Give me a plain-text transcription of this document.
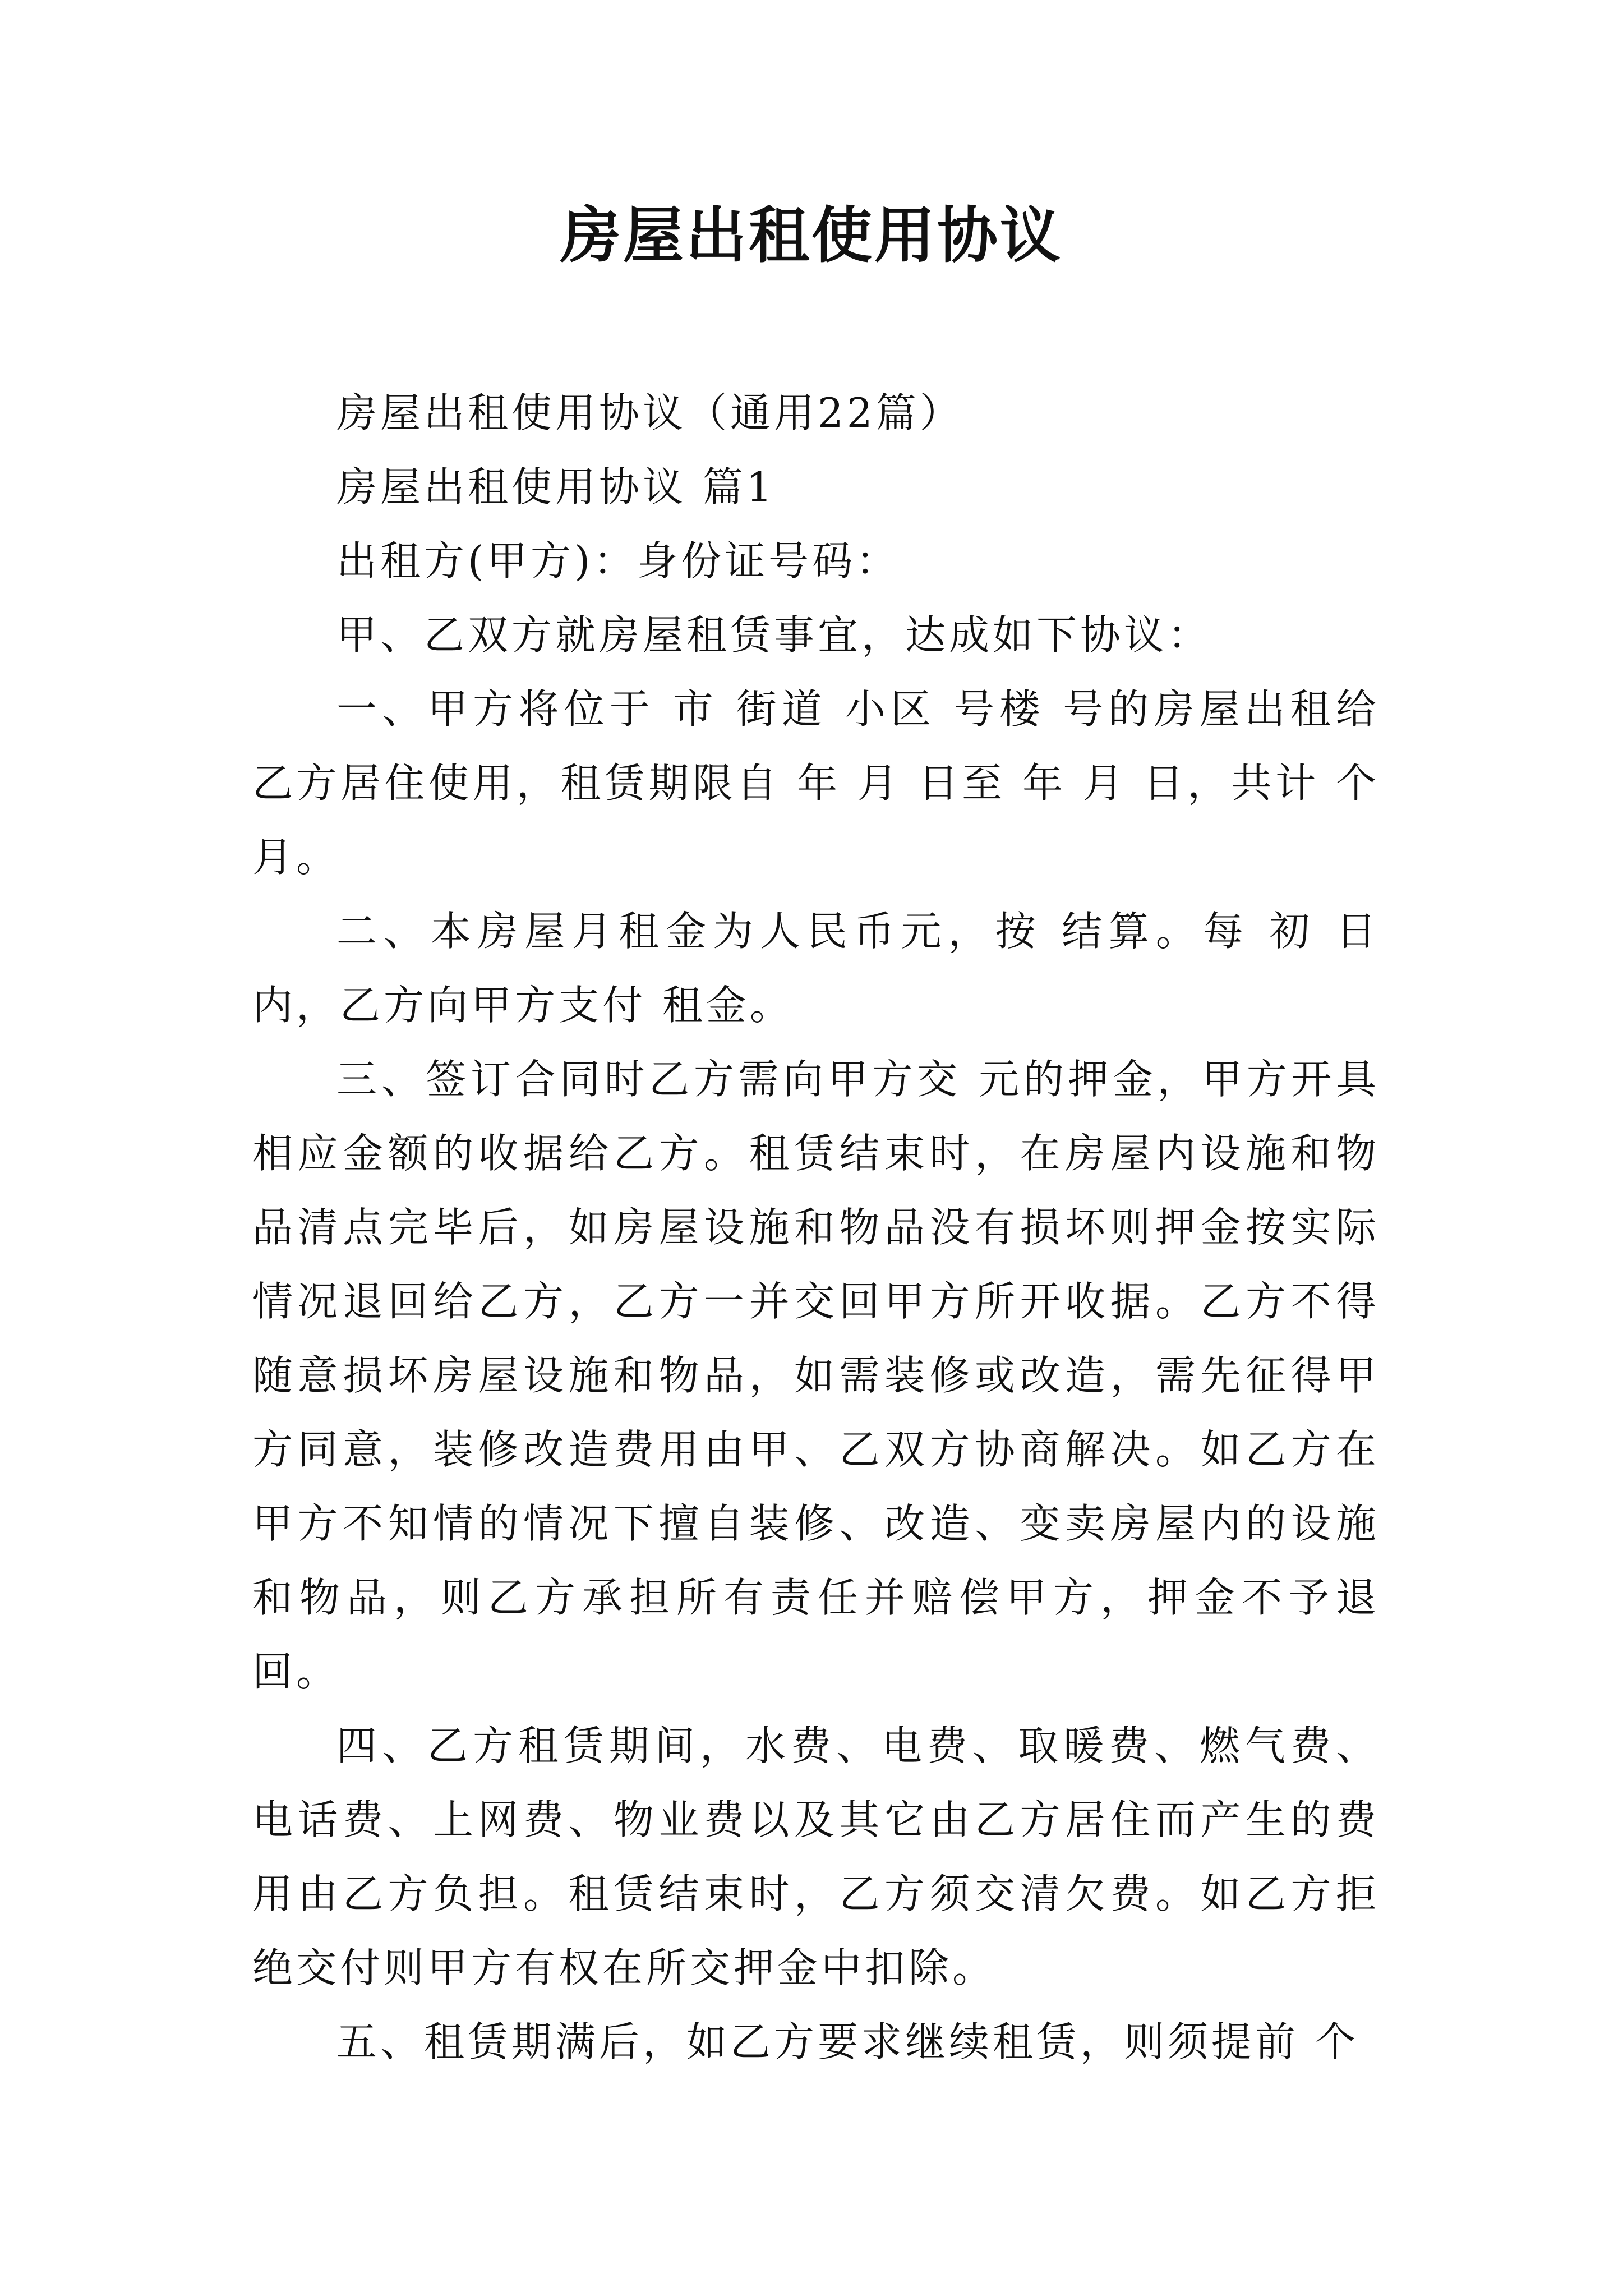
房屋出租使用协议

房屋出租使用协议（通用22篇）

房屋出租使用协议 篇1

出租方(甲方)：身份证号码：

甲、乙双方就房屋租赁事宜，达成如下协议：

一、甲方将位于 市 街道 小区 号楼 号的房屋出租给乙方居住使用，租赁期限自 年 月 日至 年 月 日，共计 个月。

二、本房屋月租金为人民币元，按 结算。每 初 日内，乙方向甲方支付 租金。

三、签订合同时乙方需向甲方交 元的押金，甲方开具相应金额的收据给乙方。租赁结束时，在房屋内设施和物品清点完毕后，如房屋设施和物品没有损坏则押金按实际情况退回给乙方，乙方一并交回甲方所开收据。乙方不得随意损坏房屋设施和物品，如需装修或改造，需先征得甲方同意，装修改造费用由甲、乙双方协商解决。如乙方在甲方不知情的情况下擅自装修、改造、变卖房屋内的设施和物品，则乙方承担所有责任并赔偿甲方，押金不予退回。

四、乙方租赁期间，水费、电费、取暖费、燃气费、电话费、上网费、物业费以及其它由乙方居住而产生的费用由乙方负担。租赁结束时，乙方须交清欠费。如乙方拒绝交付则甲方有权在所交押金中扣除。

五、租赁期满后，如乙方要求继续租赁，则须提前 个
